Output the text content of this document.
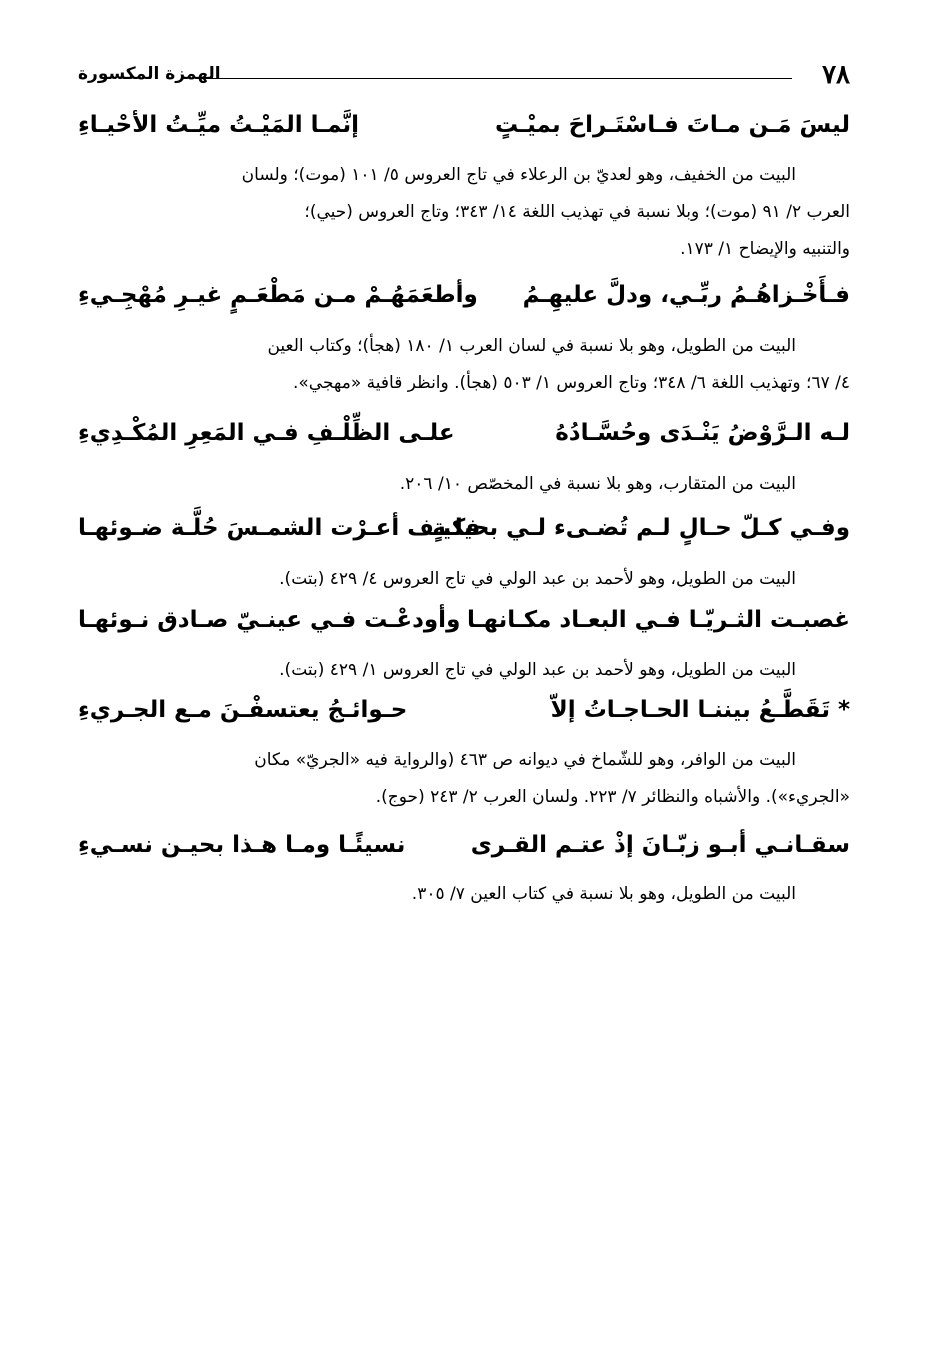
٧٨
الهمزة المكسورة
ليسَ مَـن مـاتَ فـاسْتَـراحَ بميْـتٍ
إنَّمـا المَيْـتُ ميِّـتُ الأحْيـاءِ
البيت من الخفيف، وهو لعديّ بن الرعلاء في تاج العروس ٥/ ١٠١ (موت)؛ ولسان
العرب ٢/ ٩١ (موت)؛ وبلا نسبة في تهذيب اللغة ١٤/ ٣٤٣؛ وتاج العروس (حيي)؛
والتنبيه والإيضاح ١/ ١٧٣.
فـأَخْـزاهُـمُ ربِّـي، ودلَّ عليهِـمُ
وأطعَمَهُـمْ مـن مَطْعَـمٍ غيـرِ مُهْجِـيءِ
البيت من الطويل، وهو بلا نسبة في لسان العرب ١/ ١٨٠ (هجأ)؛ وكتاب العين
٤/ ٦٧؛ وتهذيب اللغة ٦/ ٣٤٨؛ وتاج العروس ١/ ٥٠٣ (هجأ). وانظر قافية «مهجي».
لـه الـرَّوْضُ يَنْـدَى وحُسَّـادُهُ
علـى الظِّلْـفِ فـي المَعِرِ المُكْـدِيءِ
البيت من المتقارب، وهو بلا نسبة في المخصّص ١٠/ ٢٠٦.
وفـي كـلّ حـالٍ لـم تُضـىء لـي بحيلـةٍ
فكيـف أعـرْت الشمـسَ حُلَّـة ضـوئهـا
البيت من الطويل، وهو لأحمد بن عبد الولي في تاج العروس ٤/ ٤٢٩ (بتت).
غصبـت الثـريّـا فـي البعـاد مكـانهـا
وأودعْـت فـي عينـيّ صـادق نـوئهـا
البيت من الطويل، وهو لأحمد بن عبد الولي في تاج العروس ١/ ٤٢٩ (بتت).
* تَقَطَّـعُ بيننـا الحـاجـاتُ إلاّ
حـوائـجُ يعتسفْـنَ مـع الجـريءِ
البيت من الوافر، وهو للشّماخ في ديوانه ص ٤٦٣ (والرواية فيه «الجريّ» مكان
«الجريء»). والأشباه والنظائر ٧/ ٢٢٣. ولسان العرب ٢/ ٢٤٣ (حوج).
سقـانـي أبـو زبّـانَ إذْ عتـم القـرى
نسيئًـا ومـا هـذا بحيـن نسـيءِ
البيت من الطويل، وهو بلا نسبة في كتاب العين ٧/ ٣٠٥.
